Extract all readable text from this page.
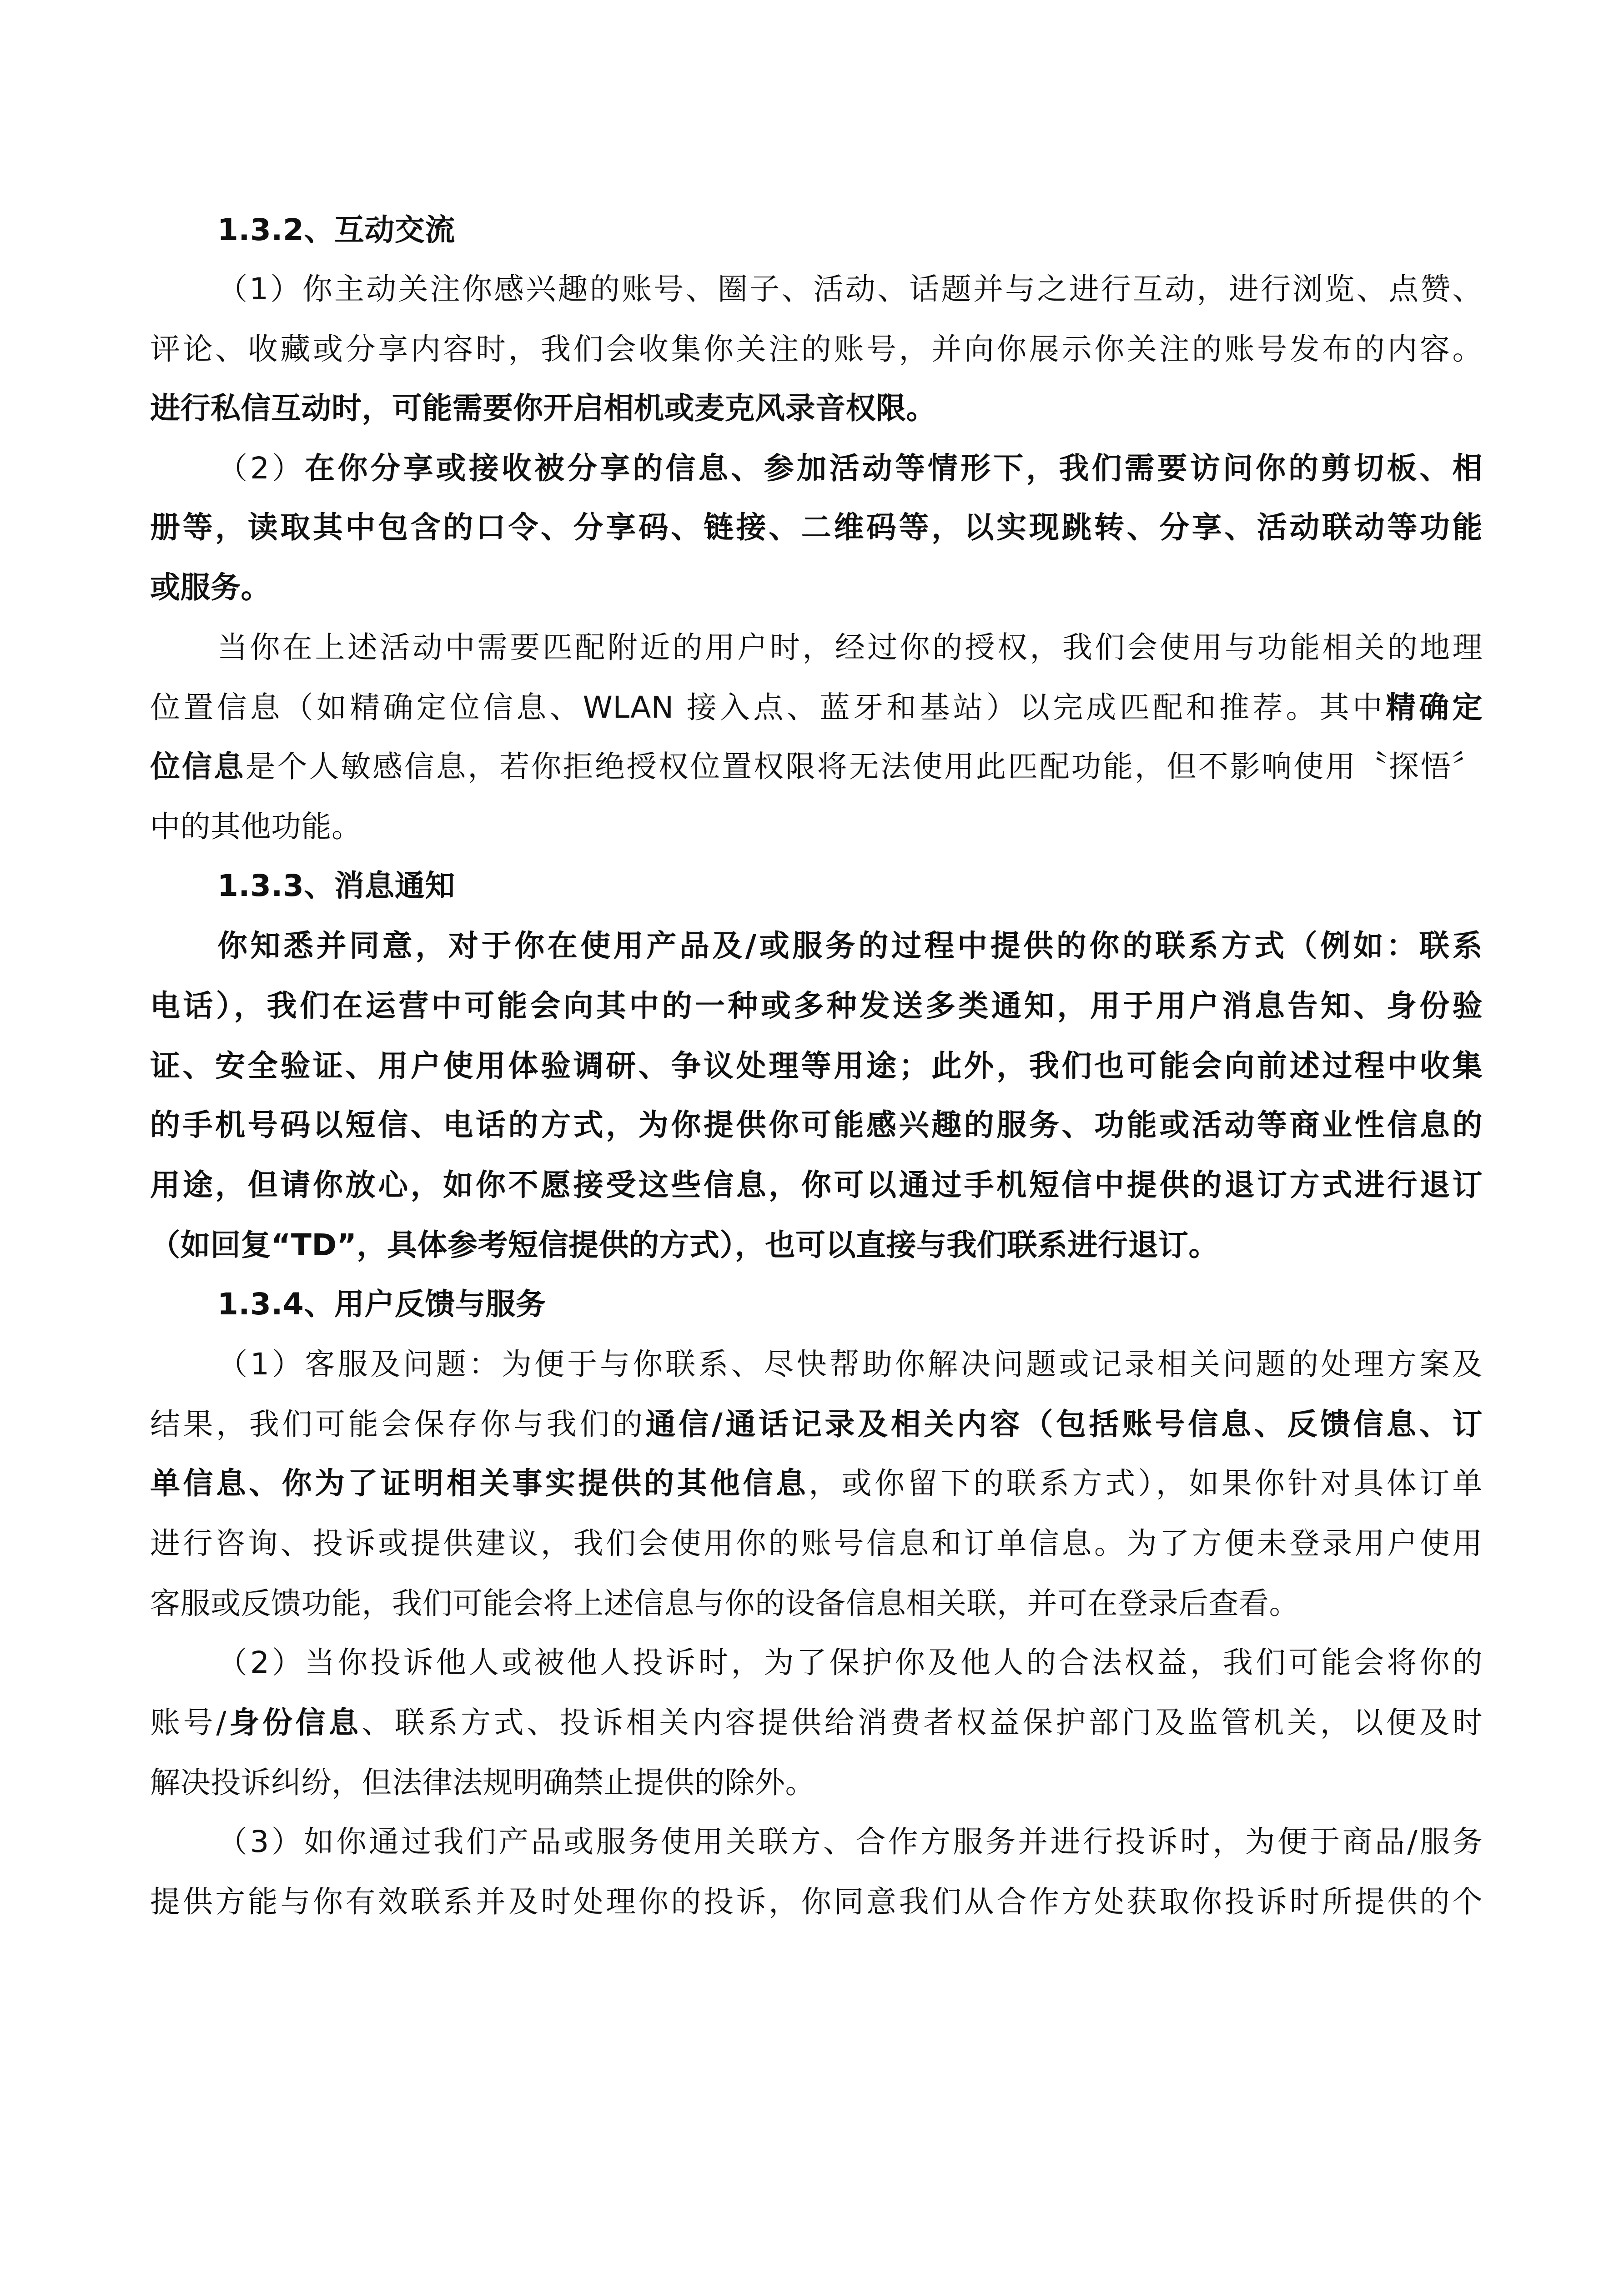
1.3.2、互动交流
（1）你主动关注你感兴趣的账号、圈子、活动、话题并与之进行互动，进行浏览、点赞、
评论、收藏或分享内容时，我们会收集你关注的账号，并向你展示你关注的账号发布的内容。
进行私信互动时，可能需要你开启相机或麦克风录音权限。
（2）在你分享或接收被分享的信息、参加活动等情形下，我们需要访问你的剪切板、相
册等，读取其中包含的口令、分享码、链接、二维码等，以实现跳转、分享、活动联动等功能
或服务。
当你在上述活动中需要匹配附近的用户时，经过你的授权，我们会使用与功能相关的地理
位置信息（如精确定位信息、WLAN 接入点、蓝牙和基站）以完成匹配和推荐。其中精确定
位信息是个人敏感信息，若你拒绝授权位置权限将无法使用此匹配功能，但不影响使用〝探悟〞
中的其他功能。
1.3.3、消息通知
你知悉并同意，对于你在使用产品及/或服务的过程中提供的你的联系方式（例如：联系
电话），我们在运营中可能会向其中的一种或多种发送多类通知，用于用户消息告知、身份验
证、安全验证、用户使用体验调研、争议处理等用途；此外，我们也可能会向前述过程中收集
的手机号码以短信、电话的方式，为你提供你可能感兴趣的服务、功能或活动等商业性信息的
用途，但请你放心，如你不愿接受这些信息，你可以通过手机短信中提供的退订方式进行退订
（如回复“TD”，具体参考短信提供的方式），也可以直接与我们联系进行退订。
1.3.4、用户反馈与服务
（1）客服及问题：为便于与你联系、尽快帮助你解决问题或记录相关问题的处理方案及
结果，我们可能会保存你与我们的通信/通话记录及相关内容（包括账号信息、反馈信息、订
单信息、你为了证明相关事实提供的其他信息，或你留下的联系方式），如果你针对具体订单
进行咨询、投诉或提供建议，我们会使用你的账号信息和订单信息。为了方便未登录用户使用
客服或反馈功能，我们可能会将上述信息与你的设备信息相关联，并可在登录后查看。
（2）当你投诉他人或被他人投诉时，为了保护你及他人的合法权益，我们可能会将你的
账号/身份信息、联系方式、投诉相关内容提供给消费者权益保护部门及监管机关，以便及时
解决投诉纠纷，但法律法规明确禁止提供的除外。
（3）如你通过我们产品或服务使用关联方、合作方服务并进行投诉时，为便于商品/服务
提供方能与你有效联系并及时处理你的投诉，你同意我们从合作方处获取你投诉时所提供的个
